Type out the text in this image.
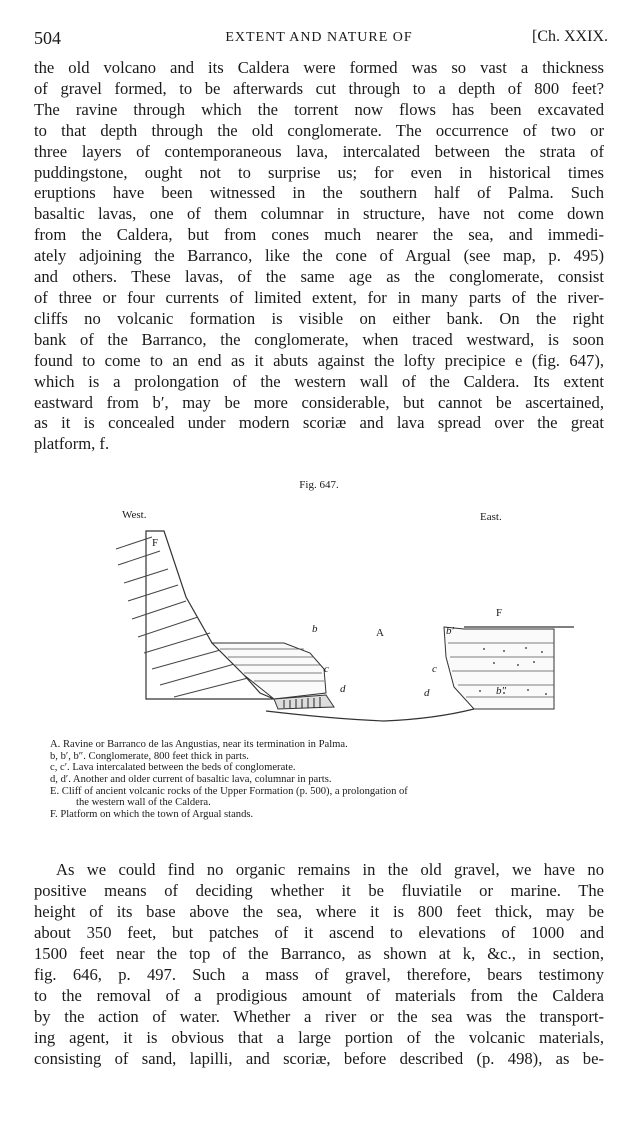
504	EXTENT AND NATURE OF	[Ch. XXIX.

the old volcano and its Caldera were formed was so vast a thickness

of gravel formed, to be afterwards cut through to a depth of 800 feet?

The ravine through which the torrent now flows has been excavated

to that depth through the old conglomerate. The occurrence of two or

three layers of contemporaneous lava, intercalated between the strata of

puddingstone, ought not to surprise us; for even in historical times

eruptions have been witnessed in the southern half of Palma. Such

basaltic lavas, one of them columnar in structure, have not come down

from the Caldera, but from cones much nearer the sea, and immedi-

ately adjoining the Barranco, like the cone of Argual (see map, p. 495)

and others. These lavas, of the same age as the conglomerate, consist

of three or four currents of limited extent, for in many parts of the river-

cliffs no volcanic formation is visible on either bank. On the right

bank of the Barranco, the conglomerate, when traced westward, is soon

found to come to an end as it abuts against the lofty precipice e (fig. 647),

which is a prolongation of the western wall of the Caldera. Its extent

eastward from b′, may be more considerable, but cannot be ascertained,

as it is concealed under modern scoriæ and lava spread over the great

platform, f.

Fig. 647.
West.	East.
F
F
A
b	b′
b″
c	c
d	d
A. Ravine or Barranco de las Angustias, near its termination in Palma.
b, b′, b″. Conglomerate, 800 feet thick in parts.
c, c′. Lava intercalated between the beds of conglomerate.
d, d′. Another and older current of basaltic lava, columnar in parts.
E. Cliff of ancient volcanic rocks of the Upper Formation (p. 500), a prolongation of
the western wall of the Caldera.
F. Platform on which the town of Argual stands.

As we could find no organic remains in the old gravel, we have no

positive means of deciding whether it be fluviatile or marine. The

height of its base above the sea, where it is 800 feet thick, may be

about 350 feet, but patches of it ascend to elevations of 1000 and

1500 feet near the top of the Barranco, as shown at k, &c., in section,

fig. 646, p. 497. Such a mass of gravel, therefore, bears testimony

to the removal of a prodigious amount of materials from the Caldera

by the action of water. Whether a river or the sea was the transport-

ing agent, it is obvious that a large portion of the volcanic materials,

consisting of sand, lapilli, and scoriæ, before described (p. 498), as be-
